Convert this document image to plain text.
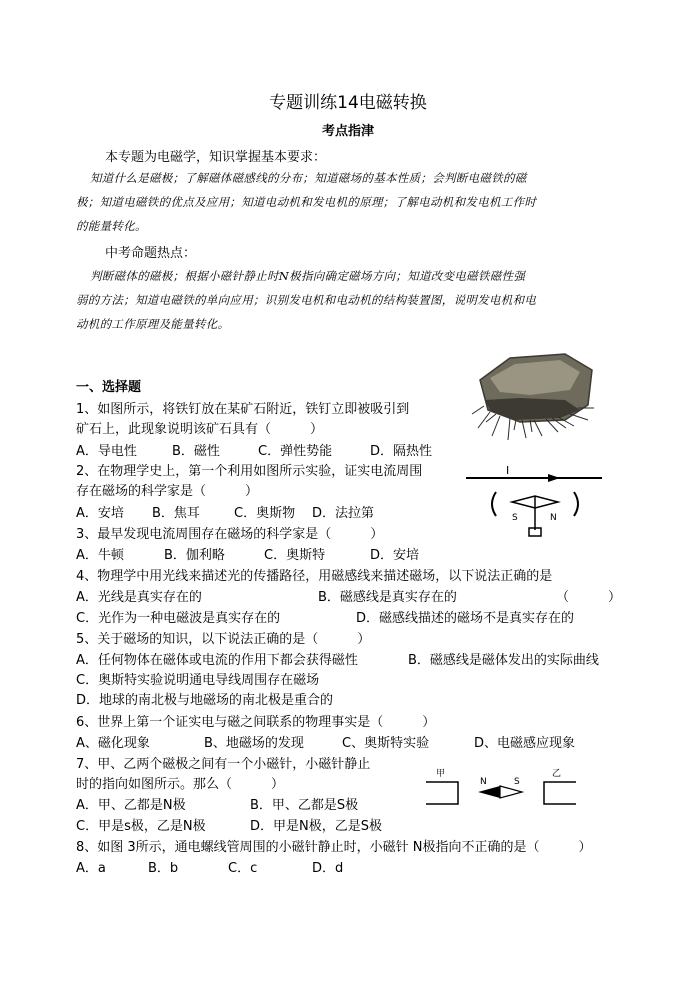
专题训练14电磁转换
考点指津
本专题为电磁学，知识掌握基本要求：
知道什么是磁极；了解磁体磁感线的分布；知道磁场的基本性质；会判断电磁铁的磁
极；知道电磁铁的优点及应用；知道电动机和发电机的原理；了解电动机和发电机工作时
的能量转化。
中考命题热点：
判断磁体的磁极；根据小磁针静止时N极指向确定磁场方向；知道改变电磁铁磁性强
弱的方法；知道电磁铁的单向应用；识别发电机和电动机的结构装置图，说明发电机和电
动机的工作原理及能量转化。
一、选择题
1、如图所示，将铁钉放在某矿石附近，铁钉立即被吸引到
矿石上，此现象说明该矿石具有（　　　）
A．导电性	B．磁性	C．弹性势能	D．隔热性
2、在物理学史上，第一个利用如图所示实验，证实电流周围
存在磁场的科学家是（　　　）
A．安培 B．焦耳	C．奥斯物 D．法拉第
I
S	N
3、最早发现电流周围存在磁场的科学家是（　　　）
A．牛顿	B．伽利略	C．奥斯特	D．安培
4、物理学中用光线来描述光的传播路径，用磁感线来描述磁场，以下说法正确的是
A．光线是真实存在的	B．磁感线是真实存在的	（　　　）
C．光作为一种电磁波是真实存在的	D．磁感线描述的磁场不是真实存在的
5、关于磁场的知识，以下说法正确的是（　　　）
A．任何物体在磁体或电流的作用下都会获得磁性	B．磁感线是磁体发出的实际曲线
C．奥斯特实验说明通电导线周围存在磁场
D．地球的南北极与地磁场的南北极是重合的
6、世界上第一个证实电与磁之间联系的物理事实是（　　　）
A、磁化现象	B、地磁场的发现	C、奥斯特实验	D、电磁感应现象
7、甲、乙两个磁极之间有一个小磁针，小磁针静止
时的指向如图所示。那么（　　　）
A．甲、乙都是N极	B．甲、乙都是S极
C．甲是s极，乙是N极	D．甲是N极，乙是S极
甲	乙
N	S
8、如图 3所示，通电螺线管周围的小磁针静止时，小磁针 N极指向不正确的是（　　　）
A．a	B．b	C．c	D．d
